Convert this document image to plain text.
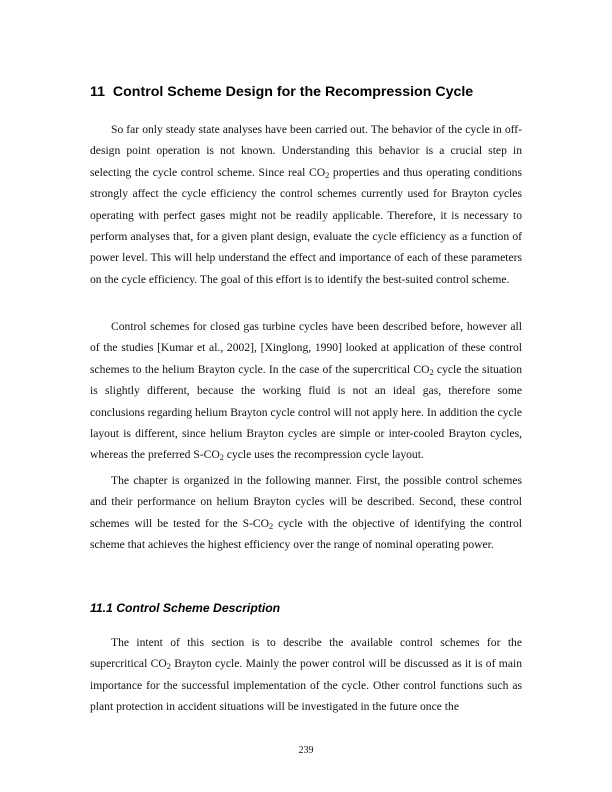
11 Control Scheme Design for the Recompression Cycle

So far only steady state analyses have been carried out. The behavior of the cycle in off-design point operation is not known. Understanding this behavior is a crucial step in selecting the cycle control scheme. Since real $CO_2$ properties and thus operating conditions strongly affect the cycle efficiency the control schemes currently used for Brayton cycles operating with perfect gases might not be readily applicable. Therefore, it is necessary to perform analyses that, for a given plant design, evaluate the cycle efficiency as a function of power level. This will help understand the effect and importance of each of these parameters on the cycle efficiency. The goal of this effort is to identify the best-suited control scheme.

Control schemes for closed gas turbine cycles have been described before, however all of the studies [Kumar et al., 2002], [Xinglong, 1990] looked at application of these control schemes to the helium Brayton cycle. In the case of the supercritical $CO_2$ cycle the situation is slightly different, because the working fluid is not an ideal gas, therefore some conclusions regarding helium Brayton cycle control will not apply here. In addition the cycle layout is different, since helium Brayton cycles are simple or inter-cooled Brayton cycles, whereas the preferred $S-CO_2$ cycle uses the recompression cycle layout.

The chapter is organized in the following manner. First, the possible control schemes and their performance on helium Brayton cycles will be described. Second, these control schemes will be tested for the $S-CO_2$ cycle with the objective of identifying the control scheme that achieves the highest efficiency over the range of nominal operating power.

11.1 Control Scheme Description

The intent of this section is to describe the available control schemes for the supercritical $CO_2$ Brayton cycle. Mainly the power control will be discussed as it is of main importance for the successful implementation of the cycle. Other control functions such as plant protection in accident situations will be investigated in the future once the

239
